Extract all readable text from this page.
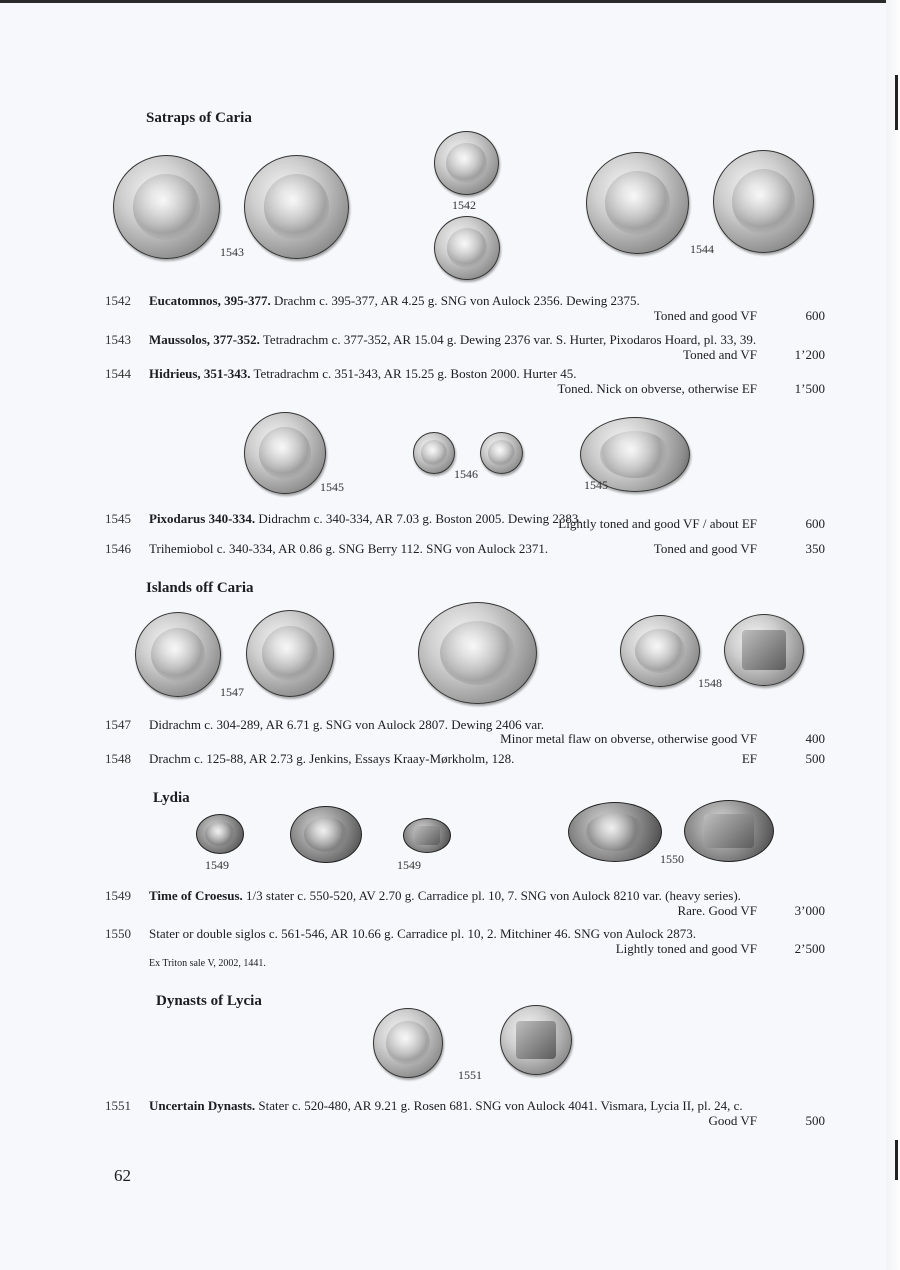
Satraps of Caria
1543
1542
1544
1542	Eucatomnos, 395-377. Drachm c. 395-377, AR 4.25 g. SNG von Aulock 2356. Dewing 2375.
Toned and good VF	600
1543	Maussolos, 377-352. Tetradrachm c. 377-352, AR 15.04 g. Dewing 2376 var. S. Hurter, Pixodaros Hoard, pl. 33, 39.
Toned and VF	1’200
1544	Hidrieus, 351-343. Tetradrachm c. 351-343, AR 15.25 g. Boston 2000. Hurter 45.
Toned. Nick on obverse, otherwise EF	1’500
1545
1546
1545
1545	Pixodarus 340-334. Didrachm c. 340-334, AR 7.03 g. Boston 2005. Dewing 2383.
Lightly toned and good VF / about EF	600
1546	Trihemiobol c. 340-334, AR 0.86 g. SNG Berry 112. SNG von Aulock 2371.	Toned and good VF	350
Islands off Caria
1547
1548
1547	Didrachm c. 304-289, AR 6.71 g. SNG von Aulock 2807. Dewing 2406 var.
Minor metal flaw on obverse, otherwise good VF	400
1548	Drachm c. 125-88, AR 2.73 g. Jenkins, Essays Kraay-Mørkholm, 128.	EF	500
Lydia
1549	1549	1550
1549	Time of Croesus. 1/3 stater c. 550-520, AV 2.70 g. Carradice pl. 10, 7. SNG von Aulock 8210 var. (heavy series).
Rare. Good VF	3’000
1550	Stater or double siglos c. 561-546, AR 10.66 g. Carradice pl. 10, 2. Mitchiner 46. SNG von Aulock 2873.
Lightly toned and good VF	2’500
Ex Triton sale V, 2002, 1441.
Dynasts of Lycia
1551
1551	Uncertain Dynasts. Stater c. 520-480, AR 9.21 g. Rosen 681. SNG von Aulock 4041. Vismara, Lycia II, pl. 24, c.
Good VF	500
62
